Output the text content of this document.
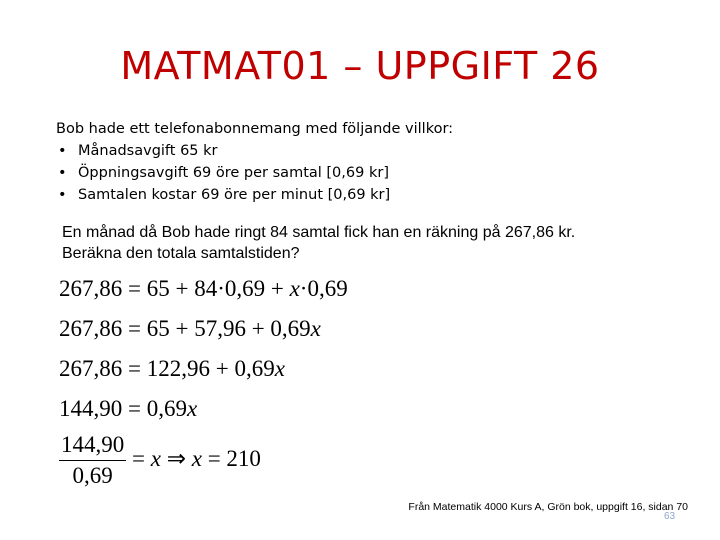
MATMAT01 – UPPGIFT 26
Bob hade ett telefonabonnemang med följande villkor:
• Månadsavgift 65 kr
• Öppningsavgift 69 öre per samtal [0,69 kr]
• Samtalen kostar 69 öre per minut [0,69 kr]
En månad då Bob hade ringt 84 samtal fick han en räkning på 267,86 kr.
Beräkna den totala samtalstiden?
267,86 = 65 + 84·0,69 + x·0,69
267,86 = 65 + 57,96 + 0,69x
267,86 = 122,96 + 0,69x
144,90 = 0,69x
$\frac{144,90}{0,69} = x$ ⇒ x = 210
Från Matematik 4000 Kurs A, Grön bok, uppgift 16, sidan 70
63
